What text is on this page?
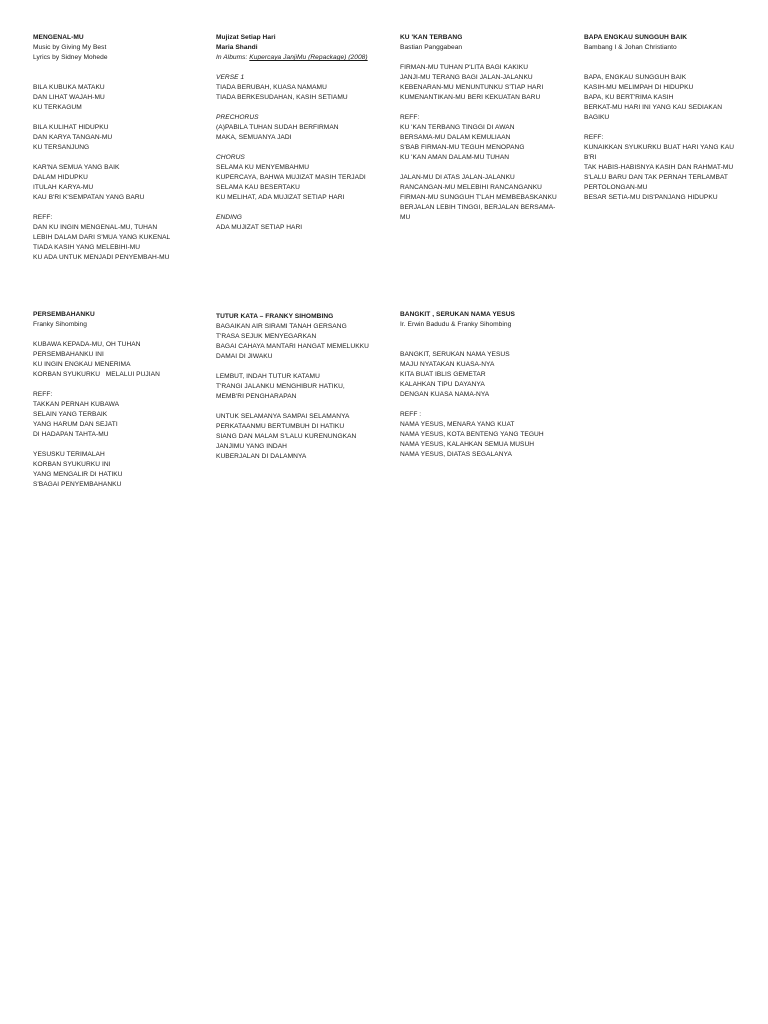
MENGENAL-MU
Music by Giving My Best
Lyrics by Sidney Mohede
BILA KUBUKA MATAKU
DAN LIHAT WAJAH-MU
KU TERKAGUM
BILA KULIHAT HIDUPKU
DAN KARYA TANGAN-MU
KU TERSANJUNG
KAR'NA SEMUA YANG BAIK
DALAM HIDUPKU
ITULAH KARYA-MU
KAU B'RI K'SEMPATAN YANG BARU
REFF:
DAN KU INGIN MENGENAL-MU, TUHAN
LEBIH DALAM DARI S'MUA YANG KUKENAL
TIADA KASIH YANG MELEBIHI-MU
KU ADA UNTUK MENJADI PENYEMBAH-MU
Mujizat Setiap Hari
Maria Shandi
In Albums: Kupercaya JanjiMu (Repackage) (2008)
VERSE 1
TIADA BERUBAH, KUASA NAMAMU
TIADA BERKESUDAHAN, KASIH SETIAMU
PRECHORUS
(A)PABILA TUHAN SUDAH BERFIRMAN
MAKA, SEMUANYA JADI
CHORUS
SELAMA KU MENYEMBAHMU
KUPERCAYA, BAHWA MUJIZAT MASIH TERJADI
SELAMA KAU BESERTAKU
KU MELIHAT, ADA MUJIZAT SETIAP HARI
ENDING
ADA MUJIZAT SETIAP HARI
KU 'KAN TERBANG
Bastian Panggabean
FIRMAN-MU TUHAN P'LITA BAGI KAKIKU
JANJI-MU TERANG BAGI JALAN-JALANKU
KEBENARAN-MU MENUNTUNKU S'TIAP HARI
KUMENANTIKAN-MU BERI KEKUATAN BARU
REFF:
KU 'KAN TERBANG TINGGI DI AWAN
BERSAMA-MU DALAM KEMULIAAN
S'BAB FIRMAN-MU TEGUH MENOPANG
KU 'KAN AMAN DALAM-MU TUHAN
JALAN-MU DI ATAS JALAN-JALANKU
RANCANGAN-MU MELEBIHI RANCANGANKU
FIRMAN-MU SUNGGUH T'LAH MEMBEBASKANKU
BERJALAN LEBIH TINGGI, BERJALAN BERSAMA-
MU
BAPA ENGKAU SUNGGUH BAIK
Bambang I & Johan Christianto
BAPA, ENGKAU SUNGGUH BAIK
KASIH-MU MELIMPAH DI HIDUPKU
BAPA, KU BERT'RIMA KASIH
BERKAT-MU HARI INI YANG KAU SEDIAKAN
BAGIKU
REFF:
KUNAIKKAN SYUKURKU BUAT HARI YANG KAU
B'RI
TAK HABIS-HABISNYA KASIH DAN RAHMAT-MU
S'LALU BARU DAN TAK PERNAH TERLAMBAT
PERTOLONGAN-MU
BESAR SETIA-MU DIS'PANJANG HIDUPKU
PERSEMBAHANKU
Franky Sihombing
KUBAWA KEPADA-MU, OH TUHAN
PERSEMBAHANKU INI
KU INGIN ENGKAU MENERIMA
KORBAN SYUKURKU   MELALUI PUJIAN
REFF:
TAKKAN PERNAH KUBAWA
SELAIN YANG TERBAIK
YANG HARUM DAN SEJATI
DI HADAPAN TAHTA-MU
YESUSKU TERIMALAH
KORBAN SYUKURKU INI
YANG MENGALIR DI HATIKU
S'BAGAI PENYEMBAHANKU
TUTUR KATA – FRANKY SIHOMBING
BAGAIKAN AIR SIRAMI TANAH GERSANG
T'RASA SEJUK MENYEGARKAN
BAGAI CAHAYA MANTARI HANGAT MEMELUKKU
DAMAI DI JIWAKU
LEMBUT, INDAH TUTUR KATAMU
T'RANGI JALANKU MENGHIBUR HATIKU,
MEMB'RI PENGHARAPAN
UNTUK SELAMANYA SAMPAI SELAMANYA
PERKATAANMU BERTUMBUH DI HATIKU
SIANG DAN MALAM S'LALU KURENUNGKAN
JANJIMU YANG INDAH
KUBERJALAN DI DALAMNYA
BANGKIT , SERUKAN NAMA YESUS
Ir. Erwin Badudu & Franky Sihombing
BANGKIT, SERUKAN NAMA YESUS
MAJU NYATAKAN KUASA-NYA
KITA BUAT IBLIS GEMETAR
KALAHKAN TIPU DAYANYA
DENGAN KUASA NAMA-NYA
REFF :
NAMA YESUS, MENARA YANG KUAT
NAMA YESUS, KOTA BENTENG YANG TEGUH
NAMA YESUS, KALAHKAN SEMUA MUSUH
NAMA YESUS, DIATAS SEGALANYA
